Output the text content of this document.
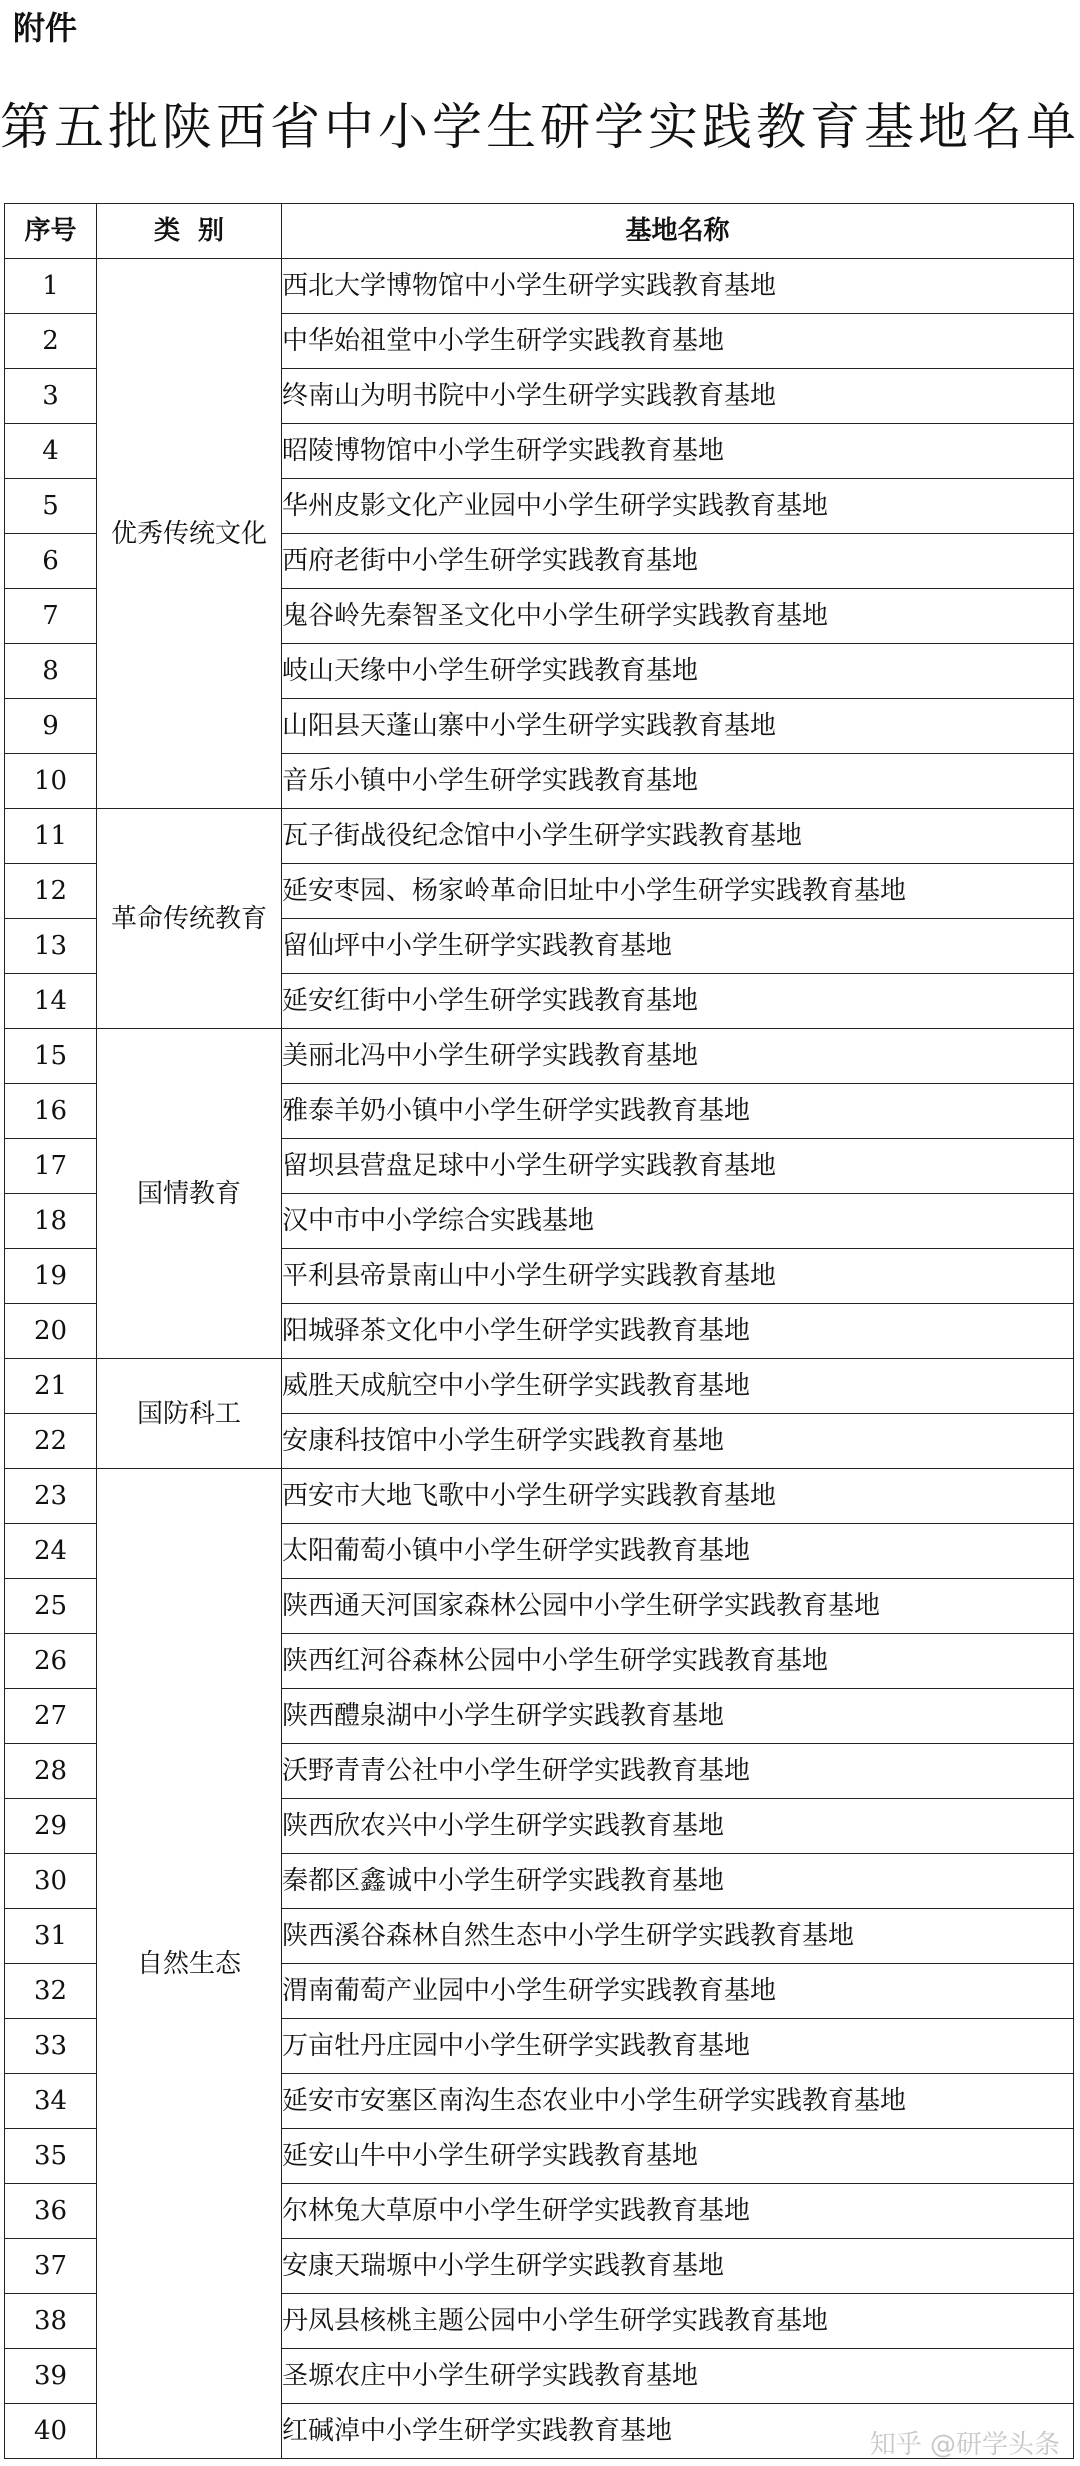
附件
第五批陕西省中小学生研学实践教育基地名单
序号	类  别	基地名称
1	优秀传统文化	西北大学博物馆中小学生研学实践教育基地
2		中华始祖堂中小学生研学实践教育基地
3		终南山为明书院中小学生研学实践教育基地
4		昭陵博物馆中小学生研学实践教育基地
5		华州皮影文化产业园中小学生研学实践教育基地
6		西府老街中小学生研学实践教育基地
7		鬼谷岭先秦智圣文化中小学生研学实践教育基地
8		岐山天缘中小学生研学实践教育基地
9		山阳县天蓬山寨中小学生研学实践教育基地
10		音乐小镇中小学生研学实践教育基地
11	革命传统教育	瓦子街战役纪念馆中小学生研学实践教育基地
12		延安枣园、杨家岭革命旧址中小学生研学实践教育基地
13		留仙坪中小学生研学实践教育基地
14		延安红街中小学生研学实践教育基地
15	国情教育	美丽北冯中小学生研学实践教育基地
16		雅泰羊奶小镇中小学生研学实践教育基地
17		留坝县营盘足球中小学生研学实践教育基地
18		汉中市中小学综合实践基地
19		平利县帝景南山中小学生研学实践教育基地
20		阳城驿茶文化中小学生研学实践教育基地
21	国防科工	威胜天成航空中小学生研学实践教育基地
22		安康科技馆中小学生研学实践教育基地
23	自然生态	西安市大地飞歌中小学生研学实践教育基地
24		太阳葡萄小镇中小学生研学实践教育基地
25		陕西通天河国家森林公园中小学生研学实践教育基地
26		陕西红河谷森林公园中小学生研学实践教育基地
27		陕西醴泉湖中小学生研学实践教育基地
28		沃野青青公社中小学生研学实践教育基地
29		陕西欣农兴中小学生研学实践教育基地
30		秦都区鑫诚中小学生研学实践教育基地
31		陕西溪谷森林自然生态中小学生研学实践教育基地
32		渭南葡萄产业园中小学生研学实践教育基地
33		万亩牡丹庄园中小学生研学实践教育基地
34		延安市安塞区南沟生态农业中小学生研学实践教育基地
35		延安山牛中小学生研学实践教育基地
36		尔林兔大草原中小学生研学实践教育基地
37		安康天瑞塬中小学生研学实践教育基地
38		丹凤县核桃主题公园中小学生研学实践教育基地
39		圣塬农庄中小学生研学实践教育基地
40		红碱淖中小学生研学实践教育基地	知乎 @研学头条
